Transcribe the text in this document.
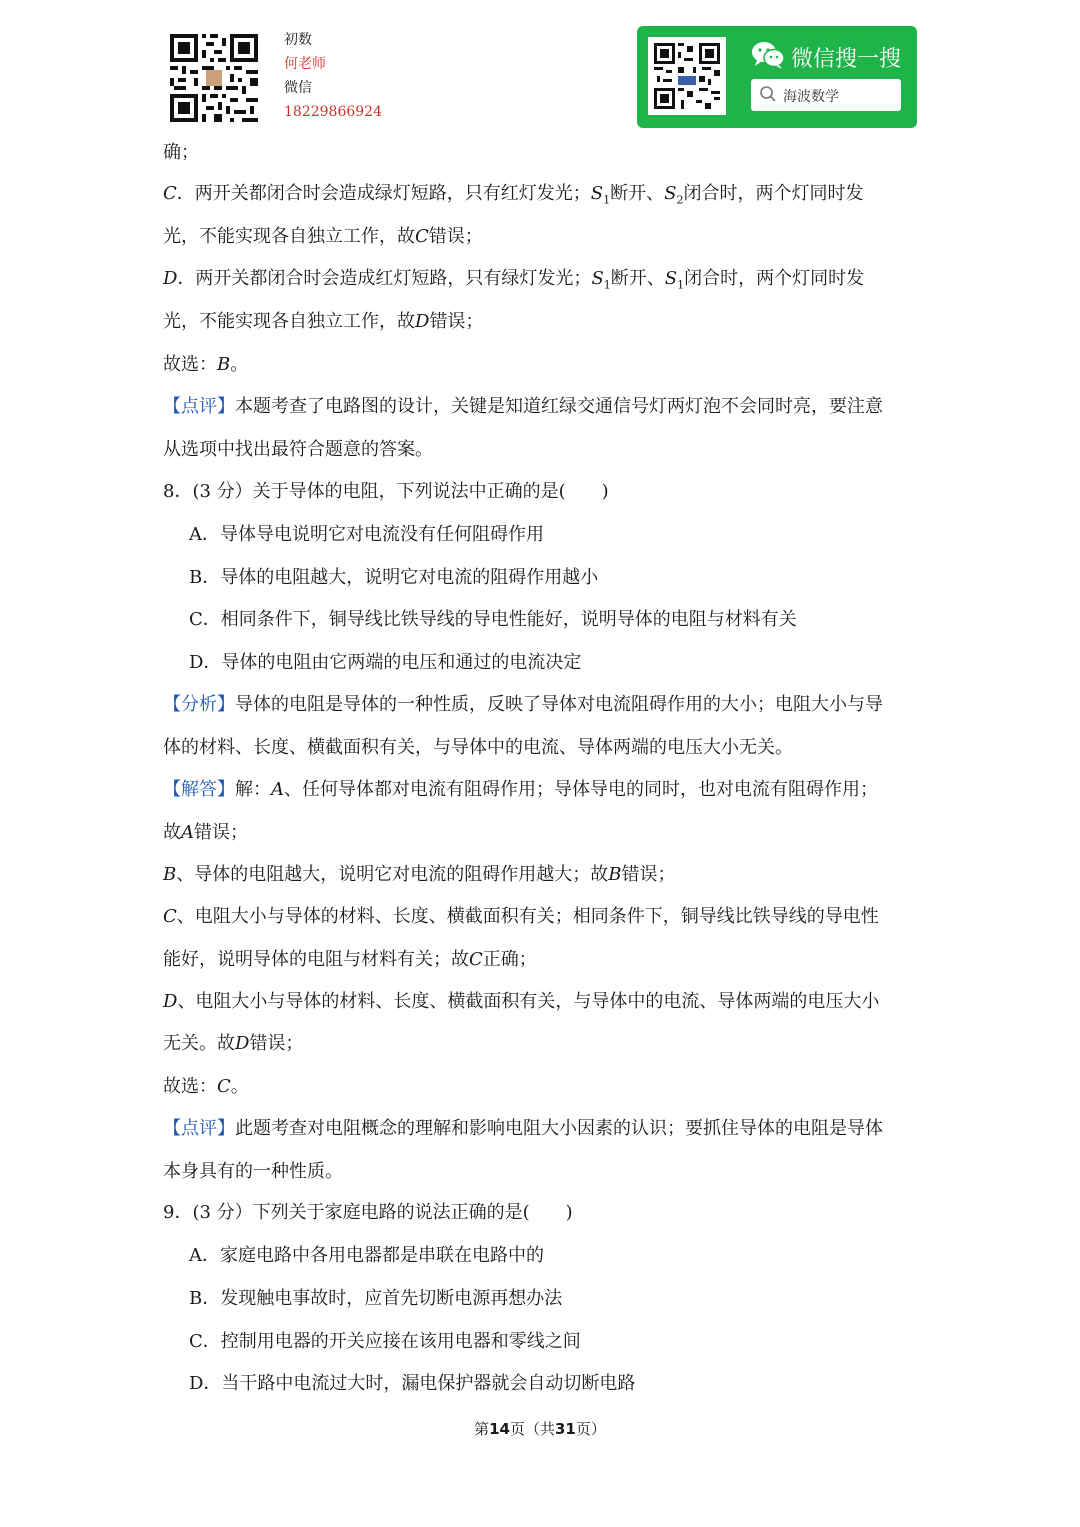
初数
何老师
微信
18229866924
微信搜一搜
海波数学
确；
C．两开关都闭合时会造成绿灯短路，只有红灯发光；$S_1$断开、$S_2$闭合时，两个灯同时发
光，不能实现各自独立工作，故C错误；
D．两开关都闭合时会造成红灯短路，只有绿灯发光；$S_1$断开、$S_1$闭合时，两个灯同时发
光，不能实现各自独立工作，故D错误；
故选：B。
【点评】本题考查了电路图的设计，关键是知道红绿交通信号灯两灯泡不会同时亮，要注意
从选项中找出最符合题意的答案。
8．(3 分）关于导体的电阻，下列说法中正确的是(　　)
A．导体导电说明它对电流没有任何阻碍作用
B．导体的电阻越大，说明它对电流的阻碍作用越小
C．相同条件下，铜导线比铁导线的导电性能好，说明导体的电阻与材料有关
D．导体的电阻由它两端的电压和通过的电流决定
【分析】导体的电阻是导体的一种性质，反映了导体对电流阻碍作用的大小；电阻大小与导
体的材料、长度、横截面积有关，与导体中的电流、导体两端的电压大小无关。
【解答】解：A、任何导体都对电流有阻碍作用；导体导电的同时，也对电流有阻碍作用；
故A错误；
B、导体的电阻越大，说明它对电流的阻碍作用越大；故B错误；
C、电阻大小与导体的材料、长度、横截面积有关；相同条件下，铜导线比铁导线的导电性
能好，说明导体的电阻与材料有关；故C正确；
D、电阻大小与导体的材料、长度、横截面积有关，与导体中的电流、导体两端的电压大小
无关。故D错误；
故选：C。
【点评】此题考查对电阻概念的理解和影响电阻大小因素的认识；要抓住导体的电阻是导体
本身具有的一种性质。
9．(3 分）下列关于家庭电路的说法正确的是(　　)
A．家庭电路中各用电器都是串联在电路中的
B．发现触电事故时，应首先切断电源再想办法
C．控制用电器的开关应接在该用电器和零线之间
D．当干路中电流过大时，漏电保护器就会自动切断电路
第14页（共31页）
